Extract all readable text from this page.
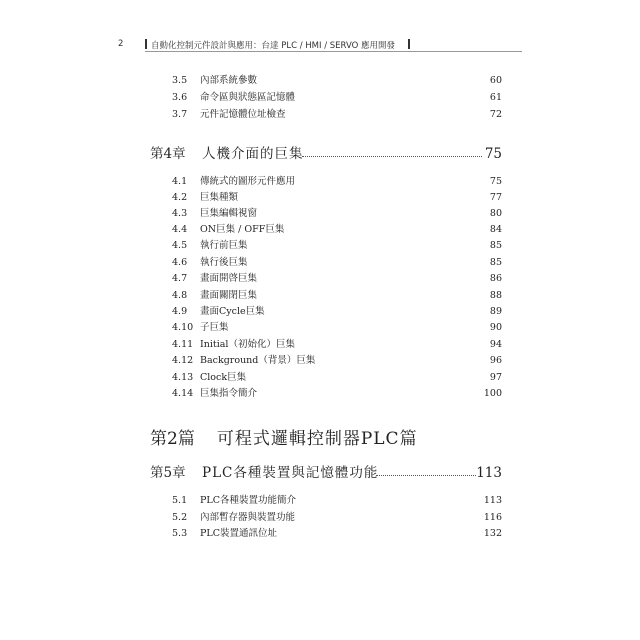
2	自動化控制元件設計與應用：台達 PLC / HMI / SERVO 應用開發
3.5 內部系統參數	60
3.6 命令區與狀態區記憶體	61
3.7 元件記憶體位址檢查	72
第4章 人機介面的巨集	75
4.1 傳統式的圖形元件應用	75
4.2 巨集種類	77
4.3 巨集編輯視窗	80
4.4 ON巨集 / OFF巨集	84
4.5 執行前巨集	85
4.6 執行後巨集	85
4.7 畫面開啓巨集	86
4.8 畫面關閉巨集	88
4.9 畫面Cycle巨集	89
4.10 子巨集	90
4.11 Initial（初始化）巨集	94
4.12 Background（背景）巨集	96
4.13 Clock巨集	97
4.14 巨集指令簡介	100
第2篇 可程式邏輯控制器PLC篇
第5章 PLC各種裝置與記憶體功能	113
5.1 PLC各種裝置功能簡介	113
5.2 內部暫存器與裝置功能	116
5.3 PLC裝置通訊位址	132
